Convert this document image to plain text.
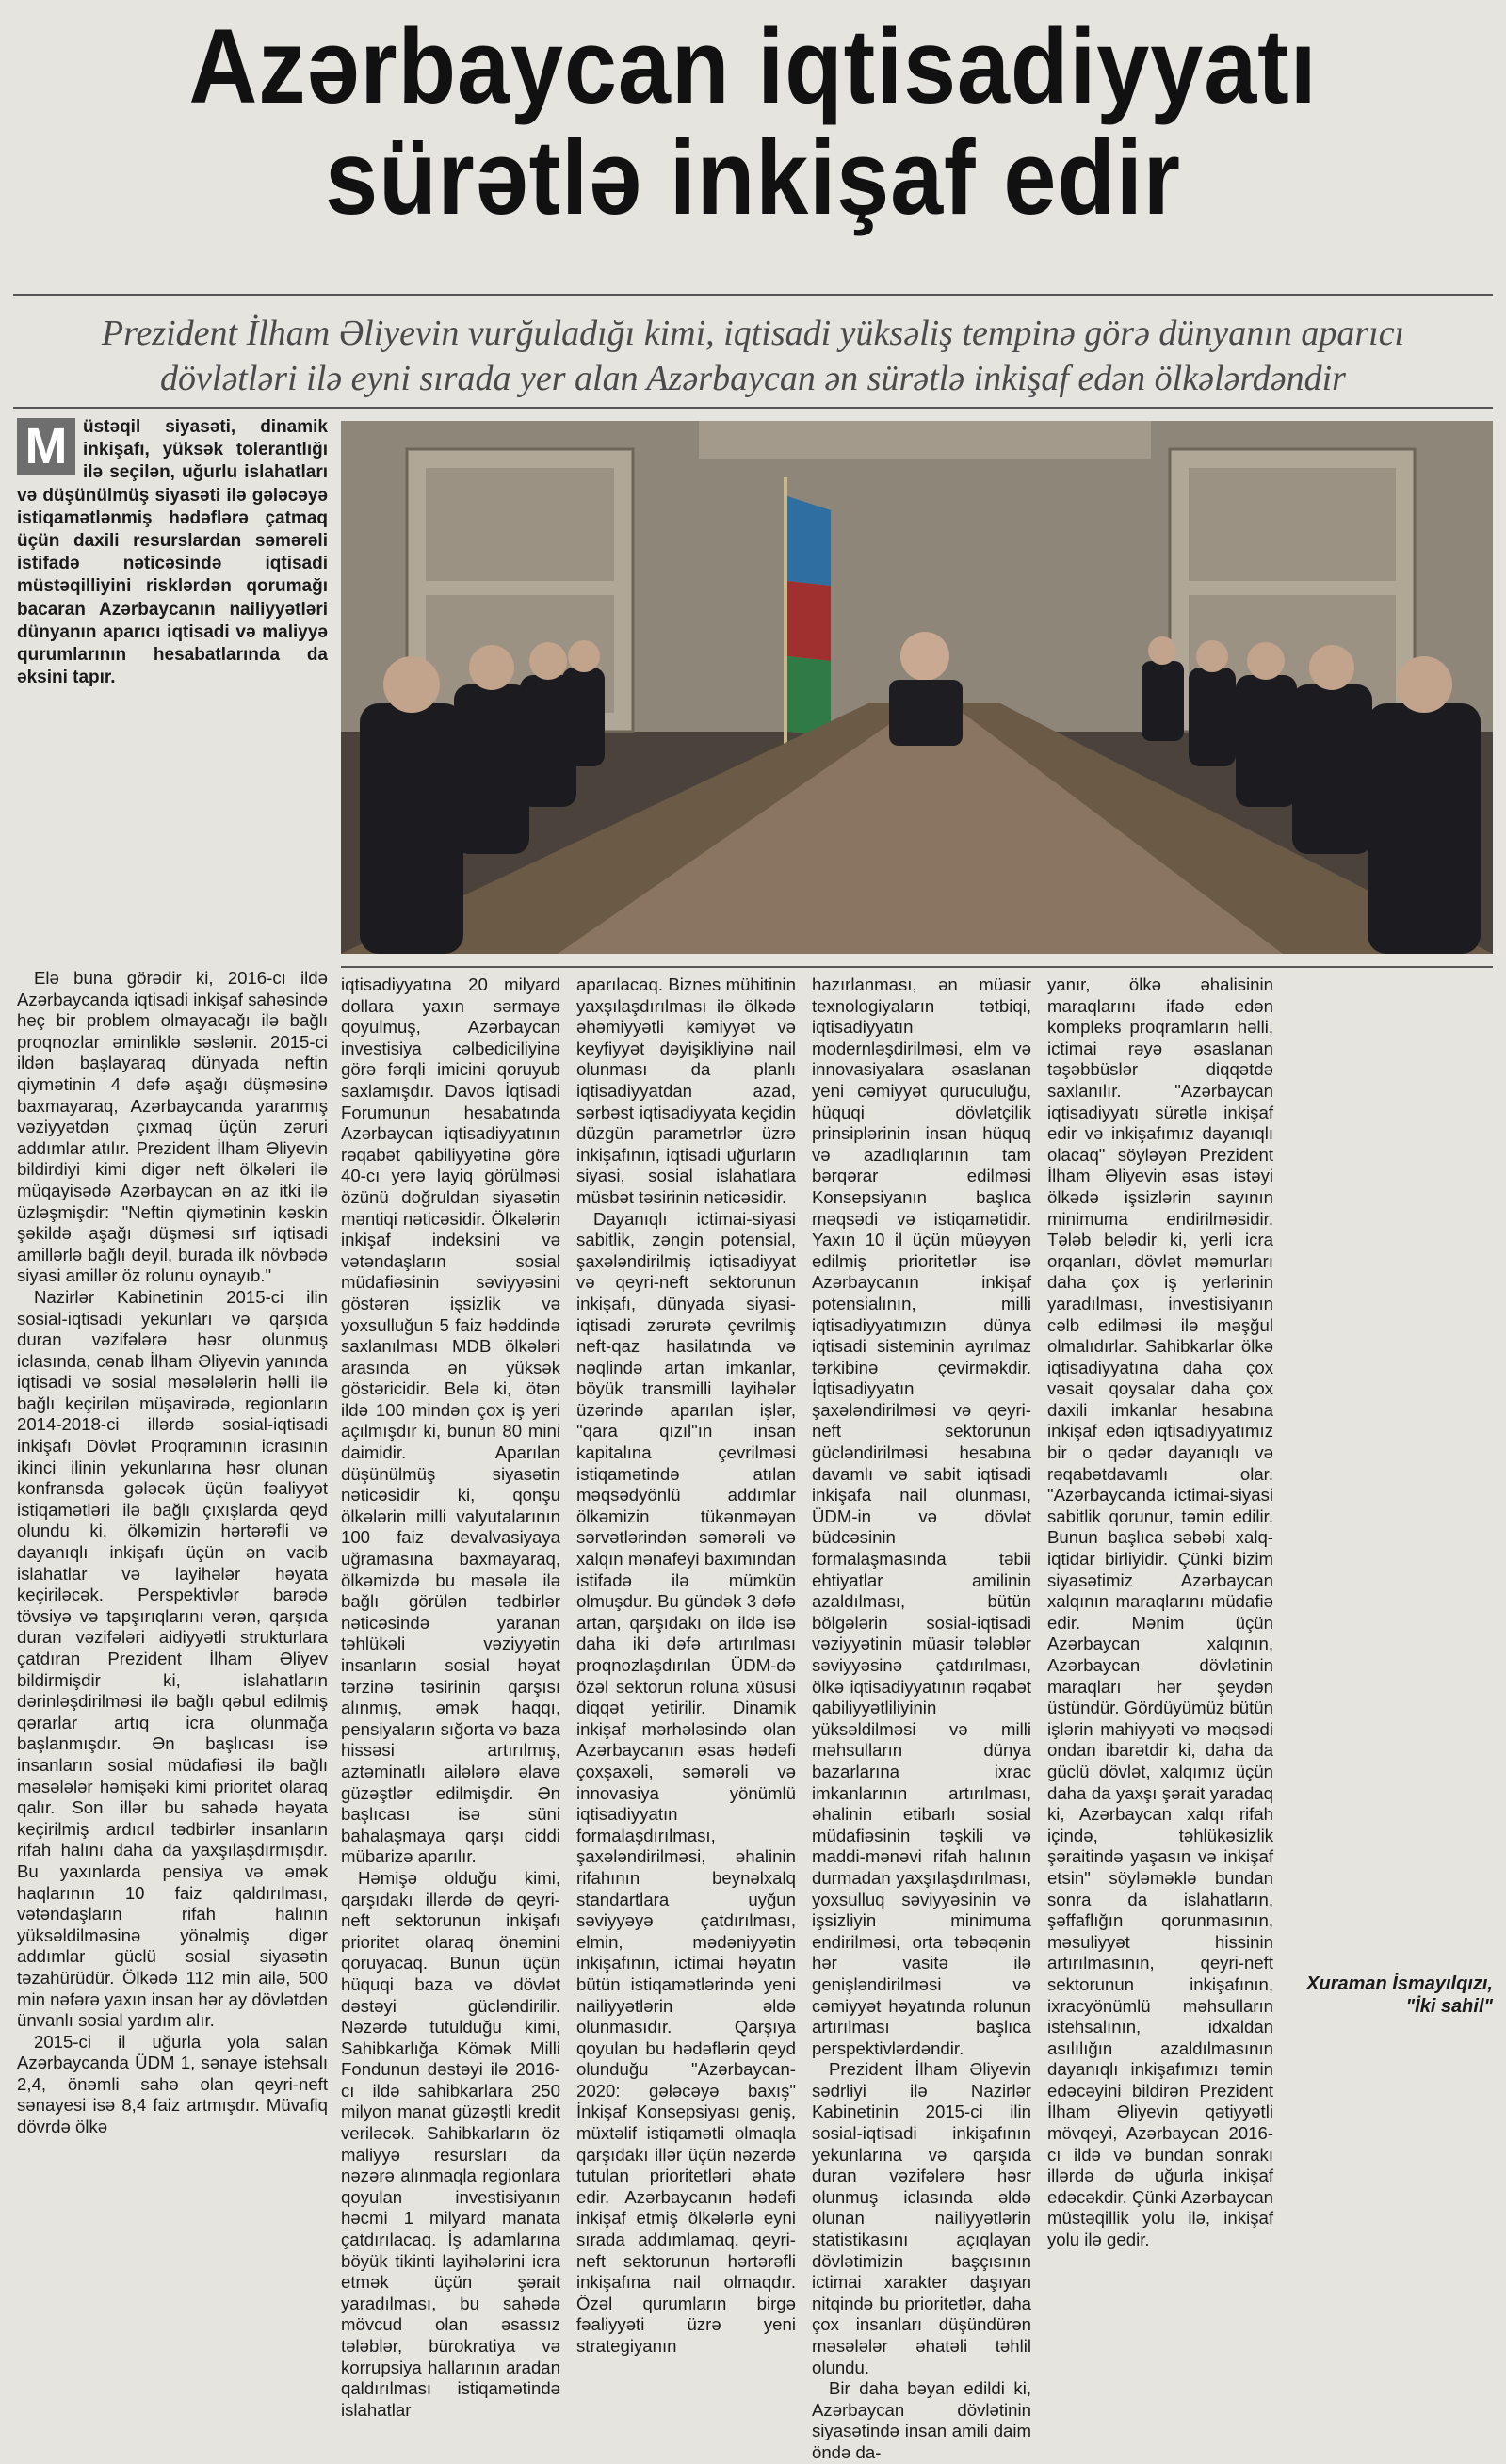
Azərbaycan iqtisadiyyatı
sürətlə inkişaf edir
Prezident İlham Əliyevin vurğuladığı kimi, iqtisadi yüksəliş tempinə görə dünyanın aparıcı
dövlətləri ilə eyni sırada yer alan Azərbaycan ən sürətlə inkişaf edən ölkələrdəndir
M üstəqil siyasəti, dinamik inkişafı, yüksək tolerantlığı ilə seçilən, uğurlu islahatları və düşünülmüş siyasəti ilə gələcəyə istiqamətlənmiş hədəflərə çatmaq üçün daxili resurslardan səmərəli istifadə nəticəsində iqtisadi müstəqilliyini risklərdən qorumağı bacaran Azərbaycanın nailiyyətləri dünyanın aparıcı iqtisadi və maliyyə qurumlarının hesabatlarında da əksini tapır.

Elə buna görədir ki, 2016-cı ildə Azərbaycanda iqtisadi inkişaf sahəsində heç bir problem olmayacağı ilə bağlı proqnozlar əminliklə səslənir. 2015-ci ildən başlayaraq dünyada neftin qiymətinin 4 dəfə aşağı düşməsinə baxmayaraq, Azərbaycanda yaranmış vəziyyətdən çıxmaq üçün zəruri addımlar atılır. Prezident İlham Əliyevin bildirdiyi kimi digər neft ölkələri ilə müqayisədə Azərbaycan ən az itki ilə üzləşmişdir: "Neftin qiymətinin kəskin şəkildə aşağı düşməsi sırf iqtisadi amillərlə bağlı deyil, burada ilk növbədə siyasi amillər öz rolunu oynayıb."

Nazirlər Kabinetinin 2015-ci ilin sosial-iqtisadi yekunları və qarşıda duran vəzifələrə həsr olunmuş iclasında, cənab İlham Əliyevin yanında iqtisadi və sosial məsələlərin həlli ilə bağlı keçirilən müşavirədə, regionların 2014-2018-ci illərdə sosial-iqtisadi inkişafı Dövlət Proqramının icrasının ikinci ilinin yekunlarına həsr olunan konfransda gələcək üçün fəaliyyət istiqamətləri ilə bağlı çıxışlarda qeyd olundu ki, ölkəmizin hərtərəfli və dayanıqlı inkişafı üçün ən vacib islahatlar və layihələr həyata keçiriləcək. Perspektivlər barədə tövsiyə və tapşırıqlarını verən, qarşıda duran vəzifələri aidiyyətli strukturlara çatdıran Prezident İlham Əliyev bildirmişdir ki, islahatların dərinləşdirilməsi ilə bağlı qəbul edilmiş qərarlar artıq icra olunmağa başlanmışdır. Ən başlıcası isə insanların sosial müdafiəsi ilə bağlı məsələlər həmişəki kimi prioritet olaraq qalır. Son illər bu sahədə həyata keçirilmiş ardıcıl tədbirlər insanların rifah halını daha da yaxşılaşdırmışdır. Bu yaxınlarda pensiya və əmək haqlarının 10 faiz qaldırılması, vətəndaşların rifah halının yüksəldilməsinə yönəlmiş digər addımlar güclü sosial siyasətin təzahürüdür. Ölkədə 112 min ailə, 500 min nəfərə yaxın insan hər ay dövlətdən ünvanlı sosial yardım alır.

2015-ci il uğurla yola salan Azərbaycanda ÜDM 1, sənaye istehsalı 2,4, önəmli sahə olan qeyri-neft sənayesi isə 8,4 faiz artmışdır. Müvafiq dövrdə ölkə

iqtisadiyyatına 20 milyard dollara yaxın sərmayə qoyulmuş, Azərbaycan investisiya cəlbediciliyinə görə fərqli imicini qoruyub saxlamışdır. Davos İqtisadi Forumunun hesabatında Azərbaycan iqtisadiyyatının rəqabət qabiliyyətinə görə 40-cı yerə layiq görülməsi özünü doğruldan siyasətin məntiqi nəticəsidir. Ölkələrin inkişaf indeksini və vətəndaşların sosial müdafiəsinin səviyyəsini göstərən işsizlik və yoxsulluğun 5 faiz həddində saxlanılması MDB ölkələri arasında ən yüksək göstəricidir. Belə ki, ötən ildə 100 mindən çox iş yeri açılmışdır ki, bunun 80 mini daimidir. Aparılan düşünülmüş siyasətin nəticəsidir ki, qonşu ölkələrin milli valyutalarının 100 faiz devalvasiyaya uğramasına baxmayaraq, ölkəmizdə bu məsələ ilə bağlı görülən tədbirlər nəticəsində yaranan təhlükəli vəziyyətin insanların sosial həyat tərzinə təsirinin qarşısı alınmış, əmək haqqı, pensiyaların sığorta və baza hissəsi artırılmış, aztəminatlı ailələrə əlavə güzəştlər edilmişdir. Ən başlıcası isə süni bahalaşmaya qarşı ciddi mübarizə aparılır.

Həmişə olduğu kimi, qarşıdakı illərdə də qeyri-neft sektorunun inkişafı prioritet olaraq önəmini qoruyacaq. Bunun üçün hüquqi baza və dövlət dəstəyi gücləndirilir. Nəzərdə tutulduğu kimi, Sahibkarlığa Kömək Milli Fondunun dəstəyi ilə 2016-cı ildə sahibkarlara 250 milyon manat güzəştli kredit veriləcək. Sahibkarların öz maliyyə resursları da nəzərə alınmaqla regionlara qoyulan investisiyanın həcmi 1 milyard manata çatdırılacaq. İş adamlarına böyük tikinti layihələrini icra etmək üçün şərait yaradılması, bu sahədə mövcud olan əsassız tələblər, bürokratiya və korrupsiya hallarının aradan qaldırılması istiqamətində islahatlar

aparılacaq. Biznes mühitinin yaxşılaşdırılması ilə ölkədə əhəmiyyətli kəmiyyət və keyfiyyət dəyişikliyinə nail olunması da planlı iqtisadiyyatdan azad, sərbəst iqtisadiyyata keçidin düzgün parametrlər üzrə inkişafının, iqtisadi uğurların siyasi, sosial islahatlara müsbət təsirinin nəticəsidir.

Dayanıqlı ictimai-siyasi sabitlik, zəngin potensial, şaxələndirilmiş iqtisadiyyat və qeyri-neft sektorunun inkişafı, dünyada siyasi-iqtisadi zərurətə çevrilmiş neft-qaz hasilatında və nəqlində artan imkanlar, böyük transmilli layihələr üzərində aparılan işlər, "qara qızıl"ın insan kapitalına çevrilməsi istiqamətində atılan məqsədyönlü addımlar ölkəmizin tükənməyən sərvətlərindən səmərəli və xalqın mənafeyi baxımından istifadə ilə mümkün olmuşdur. Bu gündək 3 dəfə artan, qarşıdakı on ildə isə daha iki dəfə artırılması proqnozlaşdırılan ÜDM-də özəl sektorun roluna xüsusi diqqət yetirilir. Dinamik inkişaf mərhələsində olan Azərbaycanın əsas hədəfi çoxşaxəli, səmərəli və innovasiya yönümlü iqtisadiyyatın formalaşdırılması, şaxələndirilməsi, əhalinin rifahının beynəlxalq standartlara uyğun səviyyəyə çatdırılması, elmin, mədəniyyətin inkişafının, ictimai həyatın bütün istiqamətlərində yeni nailiyyətlərin əldə olunmasıdır. Qarşıya qoyulan bu hədəflərin qeyd olunduğu "Azərbaycan- 2020: gələcəyə baxış" İnkişaf Konsepsiyası geniş, müxtəlif istiqamətli olmaqla qarşıdakı illər üçün nəzərdə tutulan prioritetləri əhatə edir. Azərbaycanın hədəfi inkişaf etmiş ölkələrlə eyni sırada addımlamaq, qeyri-neft sektorunun hərtərəfli inkişafına nail olmaqdır. Özəl qurumların birgə fəaliyyəti üzrə yeni strategiyanın

hazırlanması, ən müasir texnologiyaların tətbiqi, iqtisadiyyatın modernləşdirilməsi, elm və innovasiyalara əsaslanan yeni cəmiyyət quruculuğu, hüquqi dövlətçilik prinsiplərinin insan hüquq və azadlıqlarının tam bərqərar edilməsi Konsepsiyanın başlıca məqsədi və istiqamətidir. Yaxın 10 il üçün müəyyən edilmiş prioritetlər isə Azərbaycanın inkişaf potensialının, milli iqtisadiyyatımızın dünya iqtisadi sisteminin ayrılmaz tərkibinə çevirməkdir. İqtisadiyyatın şaxələndirilməsi və qeyri-neft sektorunun gücləndirilməsi hesabına davamlı və sabit iqtisadi inkişafa nail olunması, ÜDM-in və dövlət büdcəsinin formalaşmasında təbii ehtiyatlar amilinin azaldılması, bütün bölgələrin sosial-iqtisadi vəziyyətinin müasir tələblər səviyyəsinə çatdırılması, ölkə iqtisadiyyatının rəqabət qabiliyyətliliyinin yüksəldilməsi və milli məhsulların dünya bazarlarına ixrac imkanlarının artırılması, əhalinin etibarlı sosial müdafiəsinin təşkili və maddi-mənəvi rifah halının durmadan yaxşılaşdırılması, yoxsulluq səviyyəsinin və işsizliyin minimuma endirilməsi, orta təbəqənin hər vasitə ilə genişləndirilməsi və cəmiyyət həyatında rolunun artırılması başlıca perspektivlərdəndir.

Prezident İlham Əliyevin sədrliyi ilə Nazirlər Kabinetinin 2015-ci ilin sosial-iqtisadi inkişafının yekunlarına və qarşıda duran vəzifələrə həsr olunmuş iclasında əldə olunan nailiyyətlərin statistikasını açıqlayan dövlətimizin başçısının ictimai xarakter daşıyan nitqində bu prioritetlər, daha çox insanları düşündürən məsələlər əhatəli təhlil olundu.

Bir daha bəyan edildi ki, Azərbaycan dövlətinin siyasətində insan amili daim öndə da-

yanır, ölkə əhalisinin maraqlarını ifadə edən kompleks proqramların həlli, ictimai rəyə əsaslanan təşəbbüslər diqqətdə saxlanılır. "Azərbaycan iqtisadiyyatı sürətlə inkişaf edir və inkişafımız dayanıqlı olacaq" söyləyən Prezident İlham Əliyevin əsas istəyi ölkədə işsizlərin sayının minimuma endirilməsidir. Tələb belədir ki, yerli icra orqanları, dövlət məmurları daha çox iş yerlərinin yaradılması, investisiyanın cəlb edilməsi ilə məşğul olmalıdırlar. Sahibkarlar ölkə iqtisadiyyatına daha çox vəsait qoysalar daha çox daxili imkanlar hesabına inkişaf edən iqtisadiyyatımız bir o qədər dayanıqlı və rəqabətdavamlı olar. "Azərbaycanda ictimai-siyasi sabitlik qorunur, təmin edilir. Bunun başlıca səbəbi xalq-iqtidar birliyidir. Çünki bizim siyasətimiz Azərbaycan xalqının maraqlarını müdafiə edir. Mənim üçün Azərbaycan xalqının, Azərbaycan dövlətinin maraqları hər şeydən üstündür. Gördüyümüz bütün işlərin mahiyyəti və məqsədi ondan ibarətdir ki, daha da güclü dövlət, xalqımız üçün daha da yaxşı şərait yaradaq ki, Azərbaycan xalqı rifah içində, təhlükəsizlik şəraitində yaşasın və inkişaf etsin" söyləməklə bundan sonra da islahatların, şəffaflığın qorunmasının, məsuliyyət hissinin artırılmasının, qeyri-neft sektorunun inkişafının, ixracyönümlü məhsulların istehsalının, idxaldan asılılığın azaldılmasının dayanıqlı inkişafımızı təmin edəcəyini bildirən Prezident İlham Əliyevin qətiyyətli mövqeyi, Azərbaycan 2016-cı ildə və bundan sonrakı illərdə də uğurla inkişaf edəcəkdir. Çünki Azərbaycan müstəqillik yolu ilə, inkişaf yolu ilə gedir.

Xuraman İsmayılqızı,
"İki sahil"
